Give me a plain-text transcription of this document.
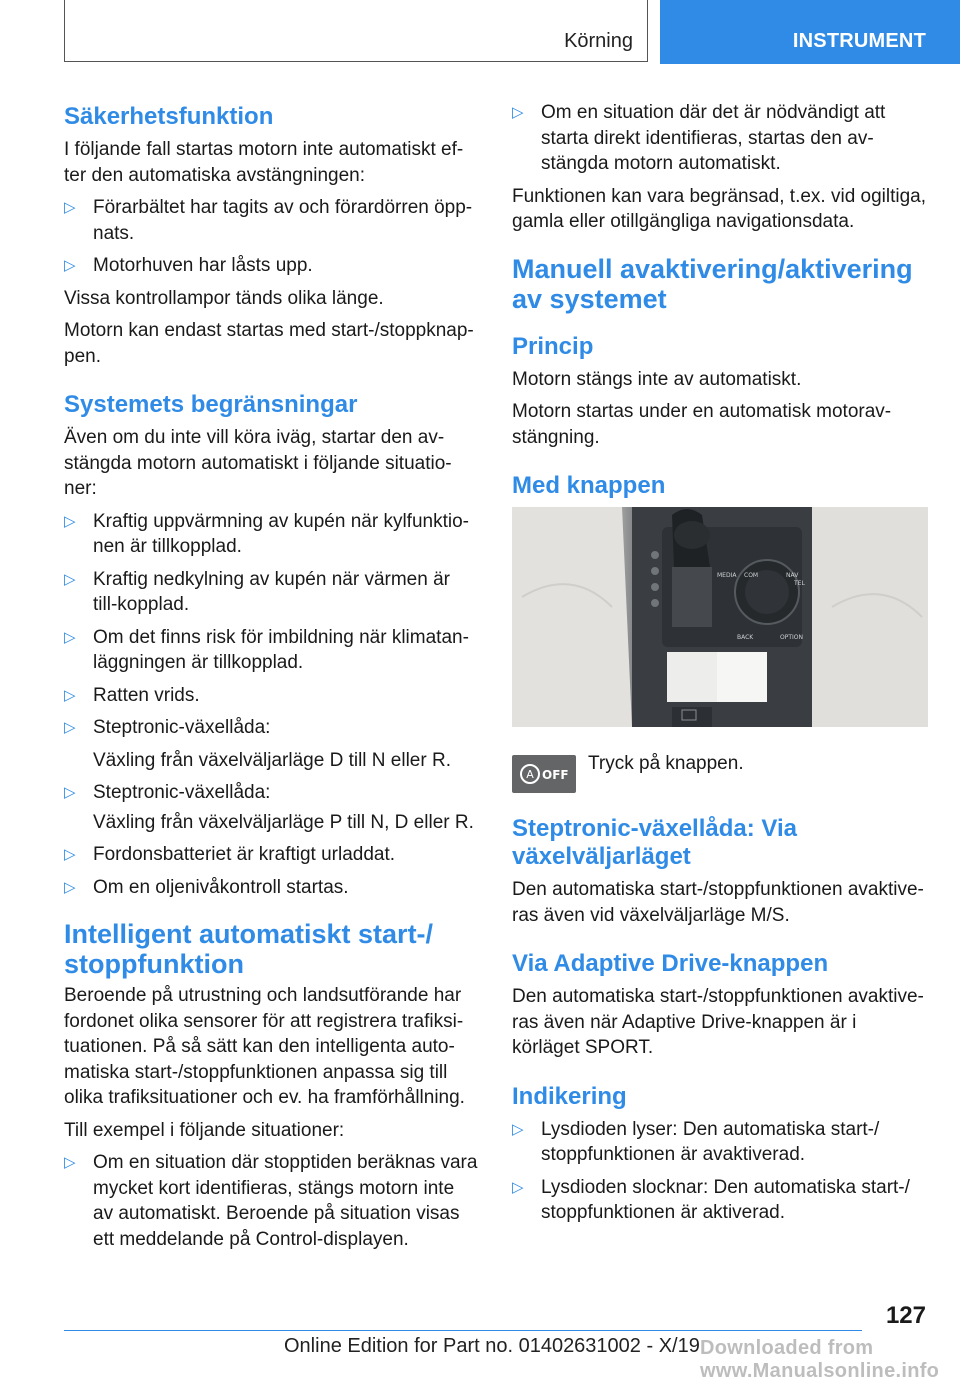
Körning	INSTRUMENT
Säkerhetsfunktion

I följande fall startas motorn inte automatiskt ef-ter den automatiska avstängningen:

▷ Förarbältet har tagits av och förardörren öpp-nats.
▷ Motorhuven har låsts upp.

Vissa kontrollampor tänds olika länge.

Motorn kan endast startas med start-/stoppknap-pen.

Systemets begränsningar

Även om du inte vill köra iväg, startar den av-stängda motorn automatiskt i följande situatio-ner:

▷ Kraftig uppvärmning av kupén när kylfunktio-nen är tillkopplad.
▷ Kraftig nedkylning av kupén när värmen är till-kopplad.
▷ Om det finns risk för imbildning när klimatan-läggningen är tillkopplad.
▷ Ratten vrids.
▷ Steptronic-växellåda:

Växling från växelväljarläge D till N eller R.

▷ Steptronic-växellåda:

Växling från växelväljarläge P till N, D eller R.

▷ Fordonsbatteriet är kraftigt urladdat.
▷ Om en oljenivåkontroll startas.
Intelligent automatiskt start-/ stoppfunktion

Beroende på utrustning och landsutförande har fordonet olika sensorer för att registrera trafiksi-tuationen. På så sätt kan den intelligenta auto-matiska start-/stoppfunktionen anpassa sig till olika trafiksituationer och ev. ha framförhållning.

Till exempel i följande situationer:

▷ Om en situation där stopptiden beräknas vara mycket kort identifieras, stängs motorn inte av automatiskt. Beroende på situation visas ett meddelande på Control-displayen.
▷ Om en situation där det är nödvändigt att starta direkt identifieras, startas den av-stängda motorn automatiskt.

Funktionen kan vara begränsad, t.ex. vid ogiltiga, gamla eller otillgängliga navigationsdata.

Manuell avaktivering/aktivering av systemet
Princip

Motorn stängs inte av automatiskt.

Motorn startas under en automatisk motorav-stängning.

Med knappen
MEDIA COM	NAV
TEL
BACK	OPTION
A OFF
Tryck på knappen.
Steptronic-växellåda: Via växelväljarläget

Den automatiska start-/stoppfunktionen avaktive-ras även vid växelväljarläge M/S.

Via Adaptive Drive-knappen

Den automatiska start-/stoppfunktionen avaktive-ras även när Adaptive Drive-knappen är i körläget SPORT.

Indikering
▷ Lysdioden lyser: Den automatiska start-/ stoppfunktionen är avaktiverad.
▷ Lysdioden slocknar: Den automatiska start-/ stoppfunktionen är aktiverad.
127
Online Edition for Part no. 01402631002 - X/19 Downloaded from www.Manualsonline.info
